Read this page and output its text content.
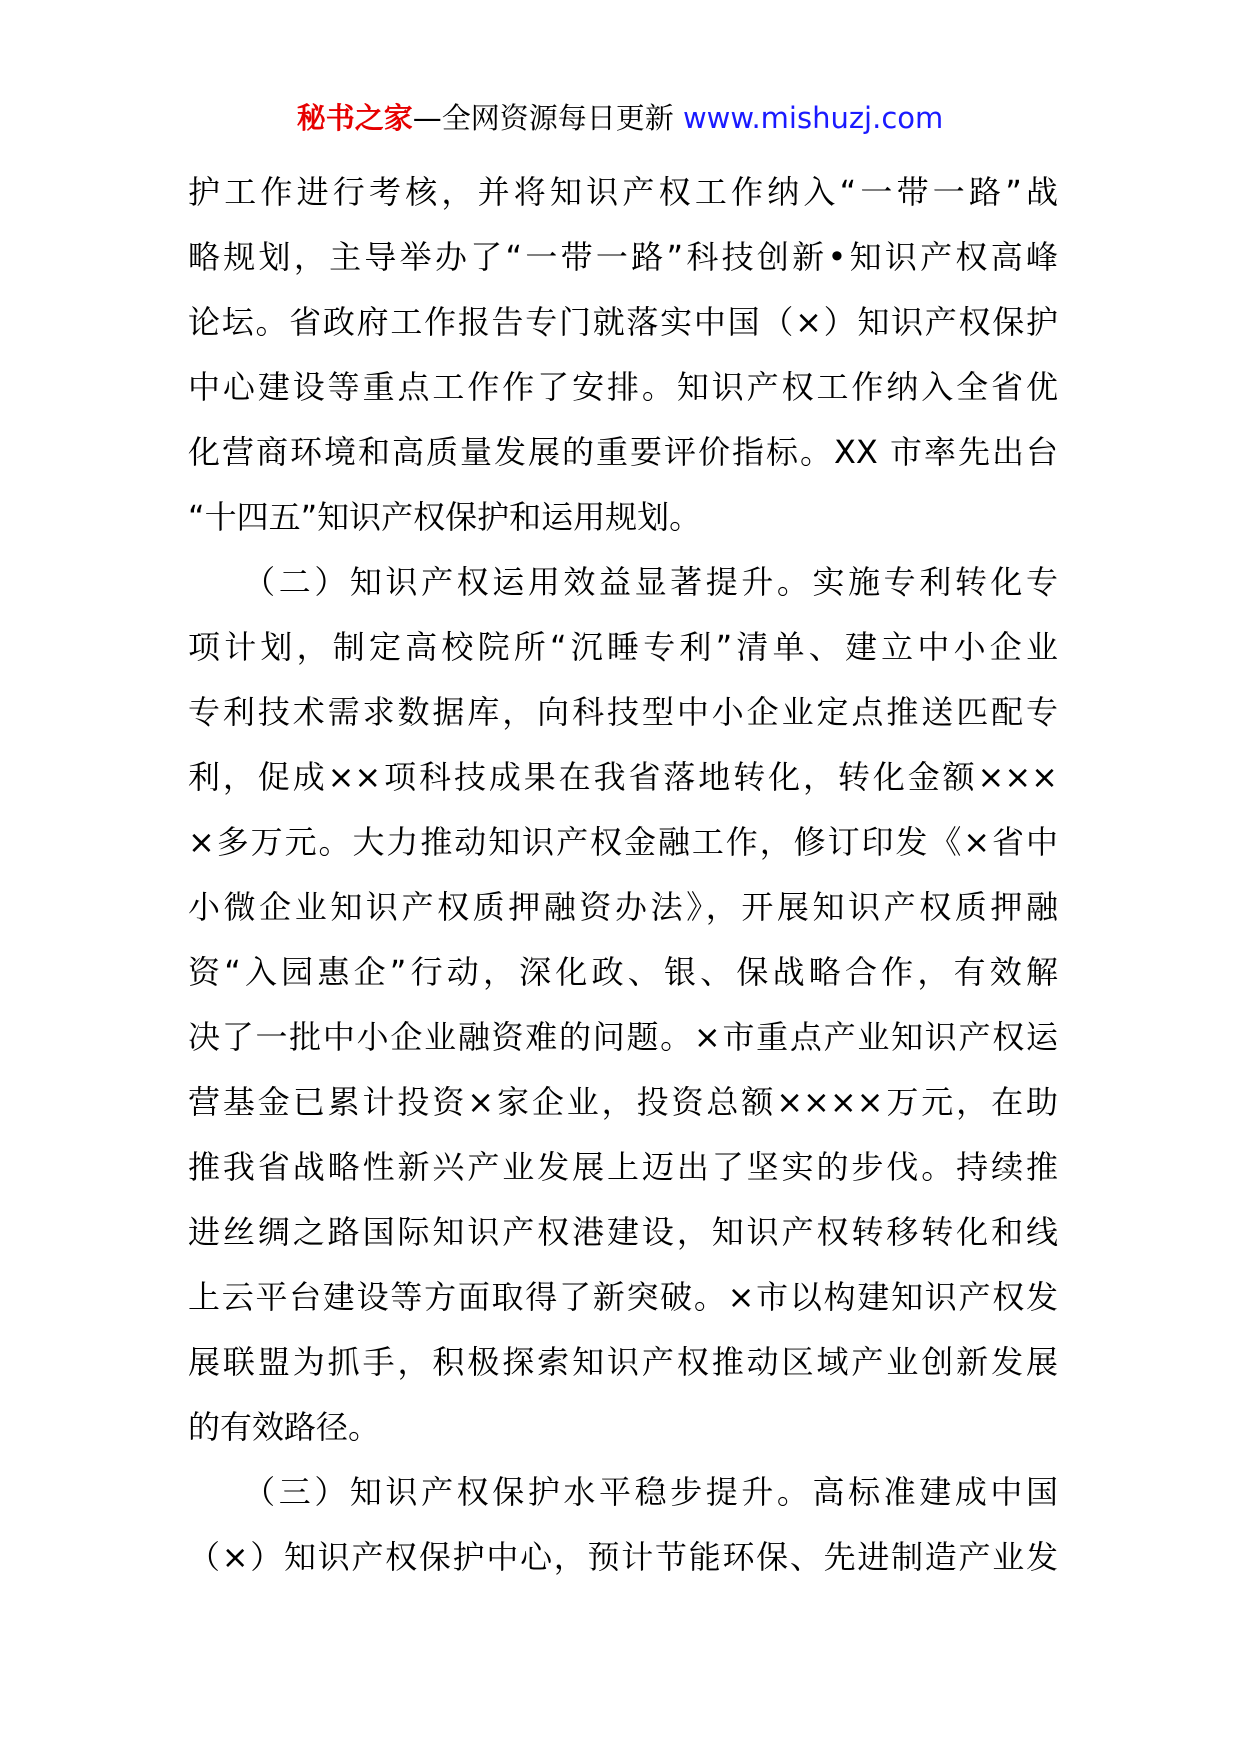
秘书之家—全网资源每日更新 www.mishuzj.com
护工作进行考核，并将知识产权工作纳入“一带一路”战
略规划，主导举办了“一带一路”科技创新•知识产权高峰
论坛。省政府工作报告专门就落实中国（×）知识产权保护
中心建设等重点工作作了安排。知识产权工作纳入全省优
化营商环境和高质量发展的重要评价指标。XX 市率先出台
“十四五”知识产权保护和运用规划。
　　（二）知识产权运用效益显著提升。实施专利转化专
项计划，制定高校院所“沉睡专利”清单、建立中小企业
专利技术需求数据库，向科技型中小企业定点推送匹配专
利，促成××项科技成果在我省落地转化，转化金额×××
×多万元。大力推动知识产权金融工作，修订印发《×省中
小微企业知识产权质押融资办法》，开展知识产权质押融
资“入园惠企”行动，深化政、银、保战略合作，有效解
决了一批中小企业融资难的问题。×市重点产业知识产权运
营基金已累计投资×家企业，投资总额××××万元，在助
推我省战略性新兴产业发展上迈出了坚实的步伐。持续推
进丝绸之路国际知识产权港建设，知识产权转移转化和线
上云平台建设等方面取得了新突破。×市以构建知识产权发
展联盟为抓手，积极探索知识产权推动区域产业创新发展
的有效路径。
　　（三）知识产权保护水平稳步提升。高标准建成中国
（×）知识产权保护中心，预计节能环保、先进制造产业发
